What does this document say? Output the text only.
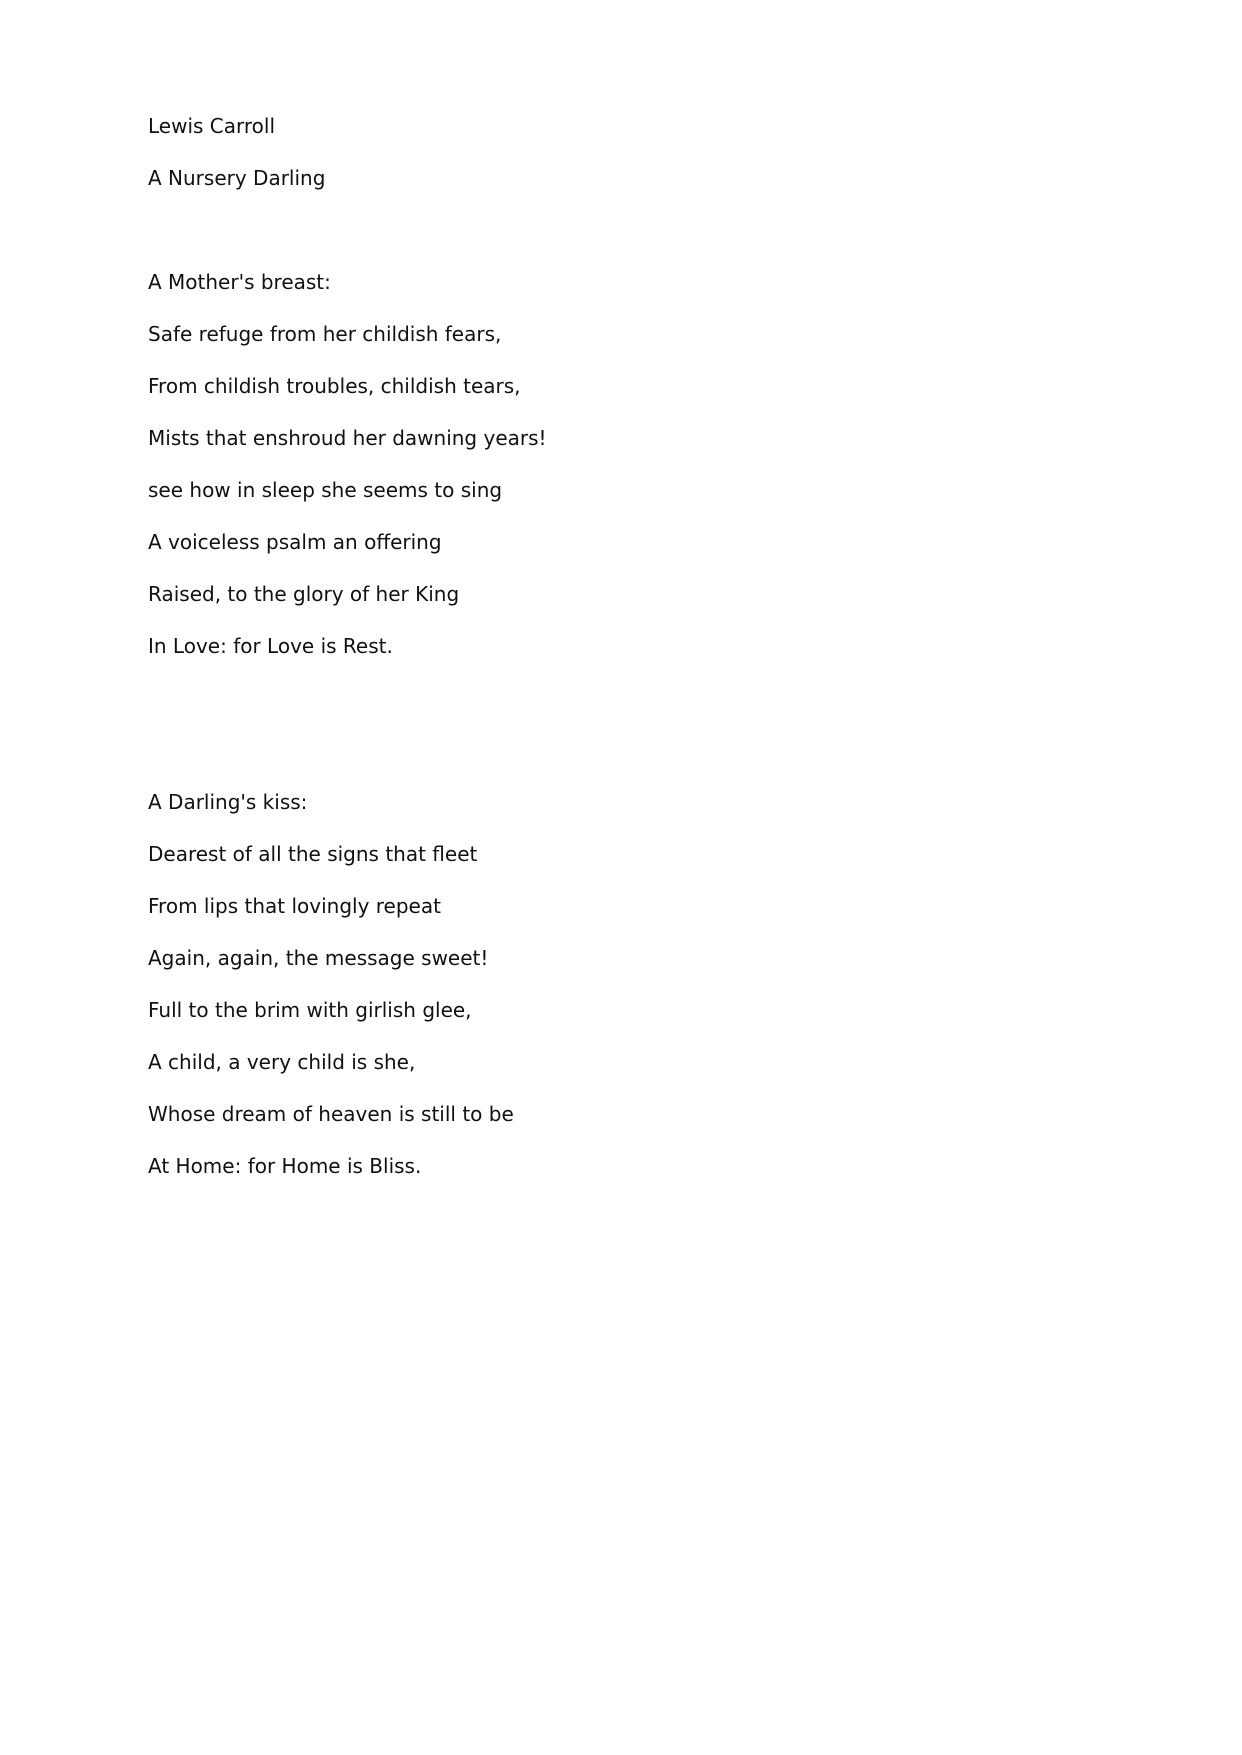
Lewis Carroll
A Nursery Darling
A Mother's breast:
Safe refuge from her childish fears,
From childish troubles, childish tears,
Mists that enshroud her dawning years!
see how in sleep she seems to sing
A voiceless psalm an offering
Raised, to the glory of her King
In Love: for Love is Rest.
A Darling's kiss:
Dearest of all the signs that fleet
From lips that lovingly repeat
Again, again, the message sweet!
Full to the brim with girlish glee,
A child, a very child is she,
Whose dream of heaven is still to be
At Home: for Home is Bliss.
